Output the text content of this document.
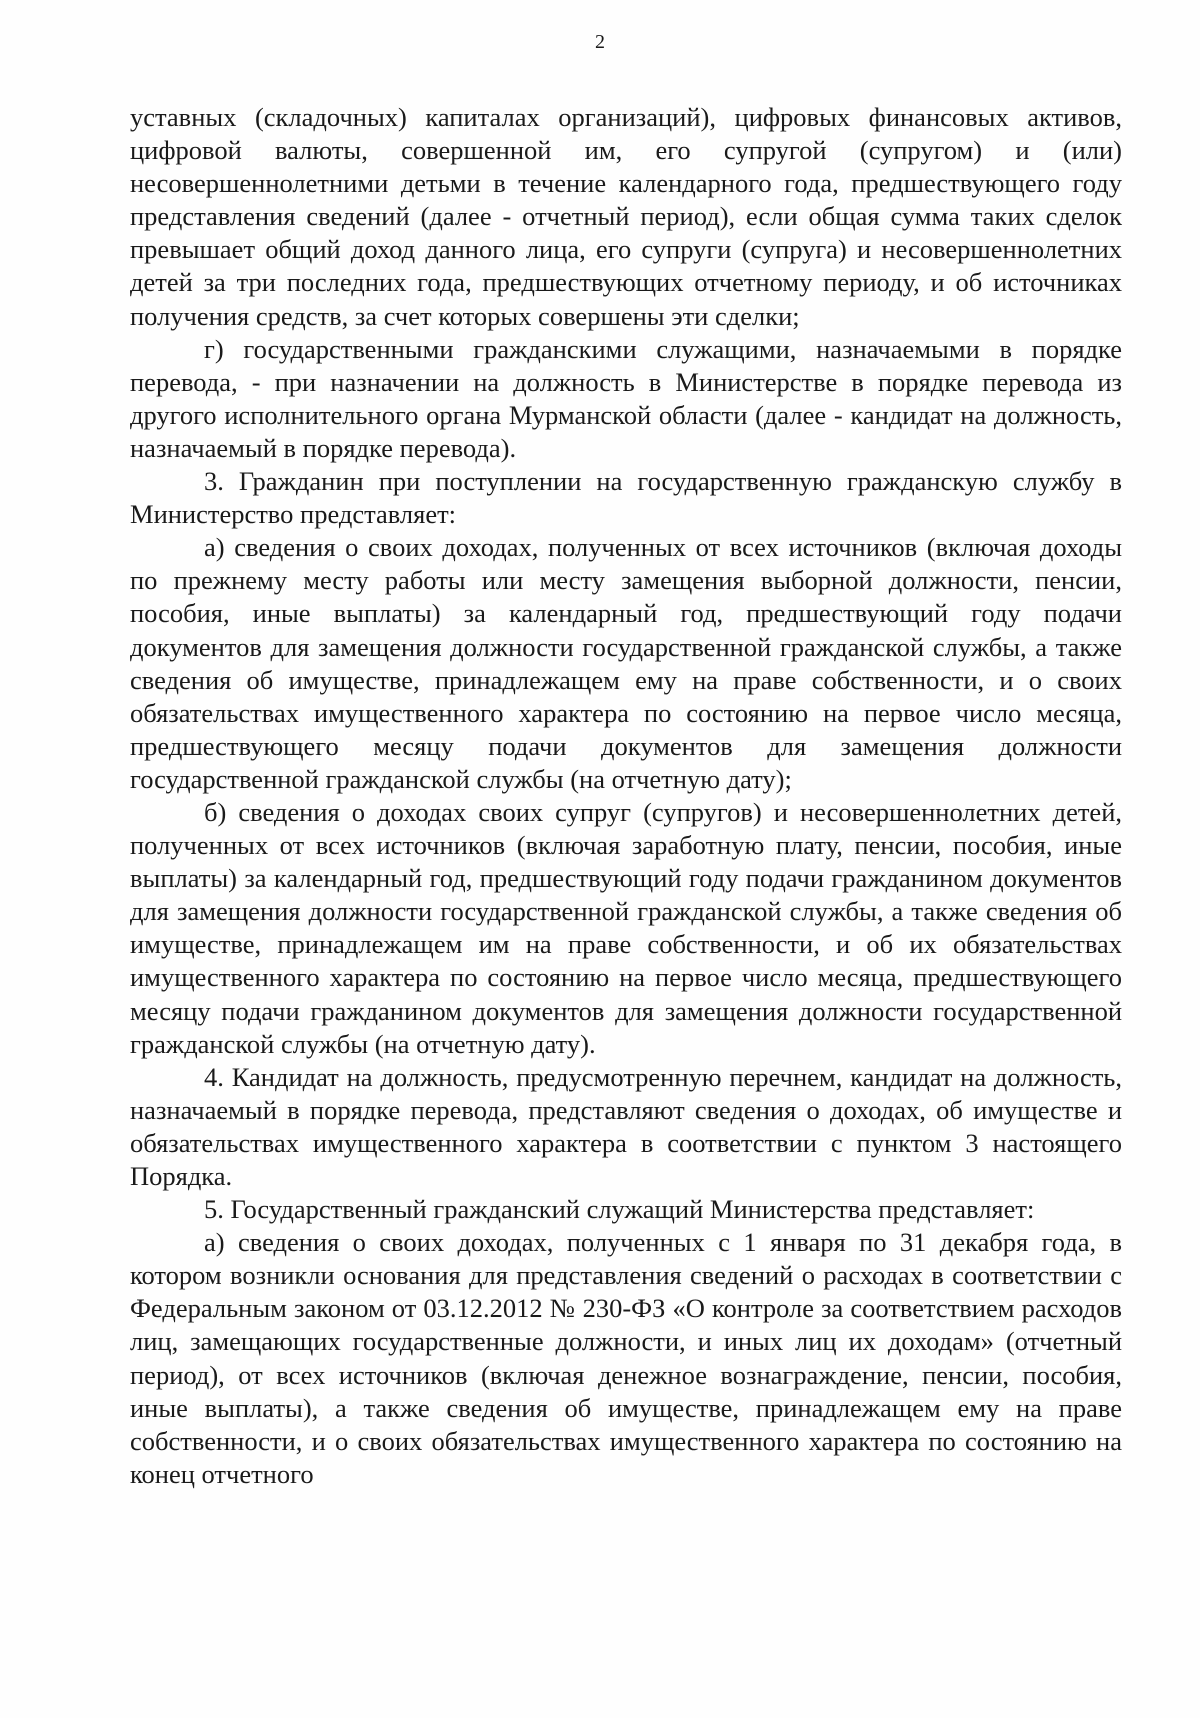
2

уставных (складочных) капиталах организаций), цифровых финансовых активов, цифровой валюты, совершенной им, его супругой (супругом) и (или) несовершеннолетними детьми в течение календарного года, предшествующего году представления сведений (далее - отчетный период), если общая сумма таких сделок превышает общий доход данного лица, его супруги (супруга) и несовершеннолетних детей за три последних года, предшествующих отчетному периоду, и об источниках получения средств, за счет которых совершены эти сделки;

г) государственными гражданскими служащими, назначаемыми в порядке перевода, - при назначении на должность в Министерстве в порядке перевода из другого исполнительного органа Мурманской области (далее - кандидат на должность, назначаемый в порядке перевода).

3. Гражданин при поступлении на государственную гражданскую службу в Министерство представляет:

а) сведения о своих доходах, полученных от всех источников (включая доходы по прежнему месту работы или месту замещения выборной должности, пенсии, пособия, иные выплаты) за календарный год, предшествующий году подачи документов для замещения должности государственной гражданской службы, а также сведения об имуществе, принадлежащем ему на праве собственности, и о своих обязательствах имущественного характера по состоянию на первое число месяца, предшествующего месяцу подачи документов для замещения должности государственной гражданской службы (на отчетную дату);

б) сведения о доходах своих супруг (супругов) и несовершеннолетних детей, полученных от всех источников (включая заработную плату, пенсии, пособия, иные выплаты) за календарный год, предшествующий году подачи гражданином документов для замещения должности государственной гражданской службы, а также сведения об имуществе, принадлежащем им на праве собственности, и об их обязательствах имущественного характера по состоянию на первое число месяца, предшествующего месяцу подачи гражданином документов для замещения должности государственной гражданской службы (на отчетную дату).

4. Кандидат на должность, предусмотренную перечнем, кандидат на должность, назначаемый в порядке перевода, представляют сведения о доходах, об имуществе и обязательствах имущественного характера в соответствии с пунктом 3 настоящего Порядка.

5. Государственный гражданский служащий Министерства представляет:

а) сведения о своих доходах, полученных с 1 января по 31 декабря года, в котором возникли основания для представления сведений о расходах в соответствии с Федеральным законом от 03.12.2012 № 230-ФЗ «О контроле за соответствием расходов лиц, замещающих государственные должности, и иных лиц их доходам» (отчетный период), от всех источников (включая денежное вознаграждение, пенсии, пособия, иные выплаты), а также сведения об имуществе, принадлежащем ему на праве собственности, и о своих обязательствах имущественного характера по состоянию на конец отчетного
